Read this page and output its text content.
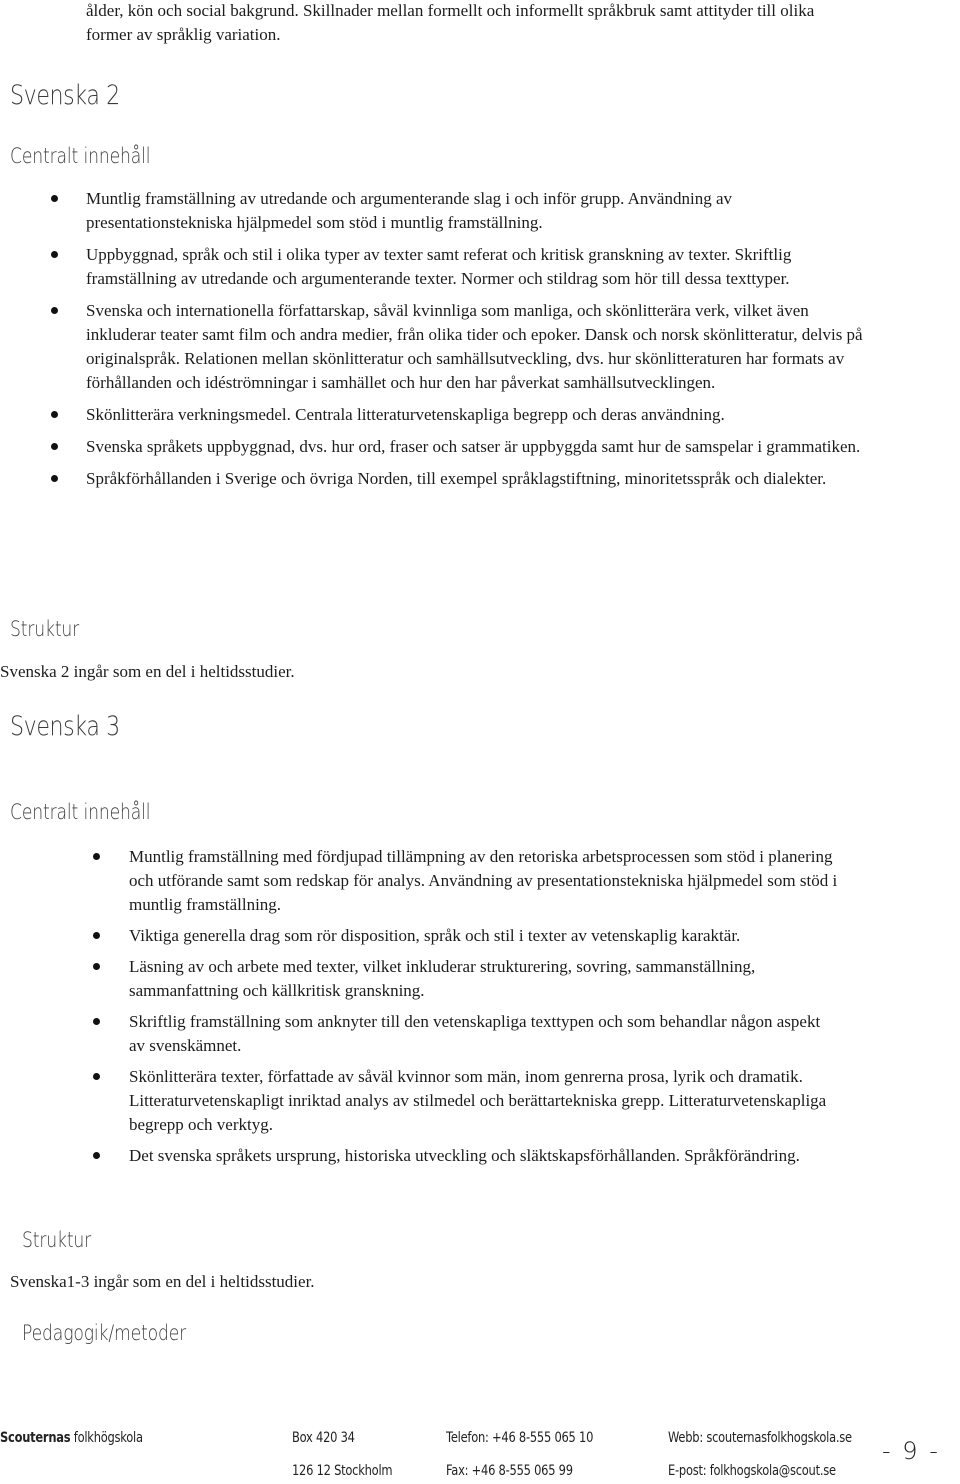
ålder, kön och social bakgrund. Skillnader mellan formellt och informellt språkbruk samt attityder till olika former av språklig variation.
Svenska 2
Centralt innehåll
Muntlig framställning av utredande och argumenterande slag i och inför grupp. Användning av presentationstekniska hjälpmedel som stöd i muntlig framställning.
Uppbyggnad, språk och stil i olika typer av texter samt referat och kritisk granskning av texter. Skriftlig framställning av utredande och argumenterande texter. Normer och stildrag som hör till dessa texttyper.
Svenska och internationella författarskap, såväl kvinnliga som manliga, och skönlitterära verk, vilket även inkluderar teater samt film och andra medier, från olika tider och epoker. Dansk och norsk skönlitteratur, delvis på originalspråk. Relationen mellan skönlitteratur och samhällsutveckling, dvs. hur skönlitteraturen har formats av förhållanden och idéströmningar i samhället och hur den har påverkat samhällsutvecklingen.
Skönlitterära verkningsmedel. Centrala litteraturvetenskapliga begrepp och deras användning.
Svenska språkets uppbyggnad, dvs. hur ord, fraser och satser är uppbyggda samt hur de samspelar i grammatiken.
Språkförhållanden i Sverige och övriga Norden, till exempel språklagstiftning, minoritetsspråk och dialekter.
Struktur
Svenska 2 ingår som en del i heltidsstudier.
Svenska 3
Centralt innehåll
Muntlig framställning med fördjupad tillämpning av den retoriska arbetsprocessen som stöd i planering och utförande samt som redskap för analys. Användning av presentationstekniska hjälpmedel som stöd i muntlig framställning.
Viktiga generella drag som rör disposition, språk och stil i texter av vetenskaplig karaktär.
Läsning av och arbete med texter, vilket inkluderar strukturering, sovring, sammanställning, sammanfattning och källkritisk granskning.
Skriftlig framställning som anknyter till den vetenskapliga texttypen och som behandlar någon aspekt av svenskämnet.
Skönlitterära texter, författade av såväl kvinnor som män, inom genrerna prosa, lyrik och dramatik. Litteraturvetenskapligt inriktad analys av stilmedel och berättartekniska grepp. Litteraturvetenskapliga begrepp och verktyg.
Det svenska språkets ursprung, historiska utveckling och släktskapsförhållanden. Språkförändring.
Struktur
Svenska1-3 ingår som en del i heltidsstudier.
Pedagogik/metoder
Scouternas folkhögskola	Box 420 34
126 12 Stockholm
Telefon: +46 8-555 065 10
Fax: +46 8-555 065 99
Webb: scouternasfolkhogskola.se
E-post: folkhogskola@scout.se
- 9 -
